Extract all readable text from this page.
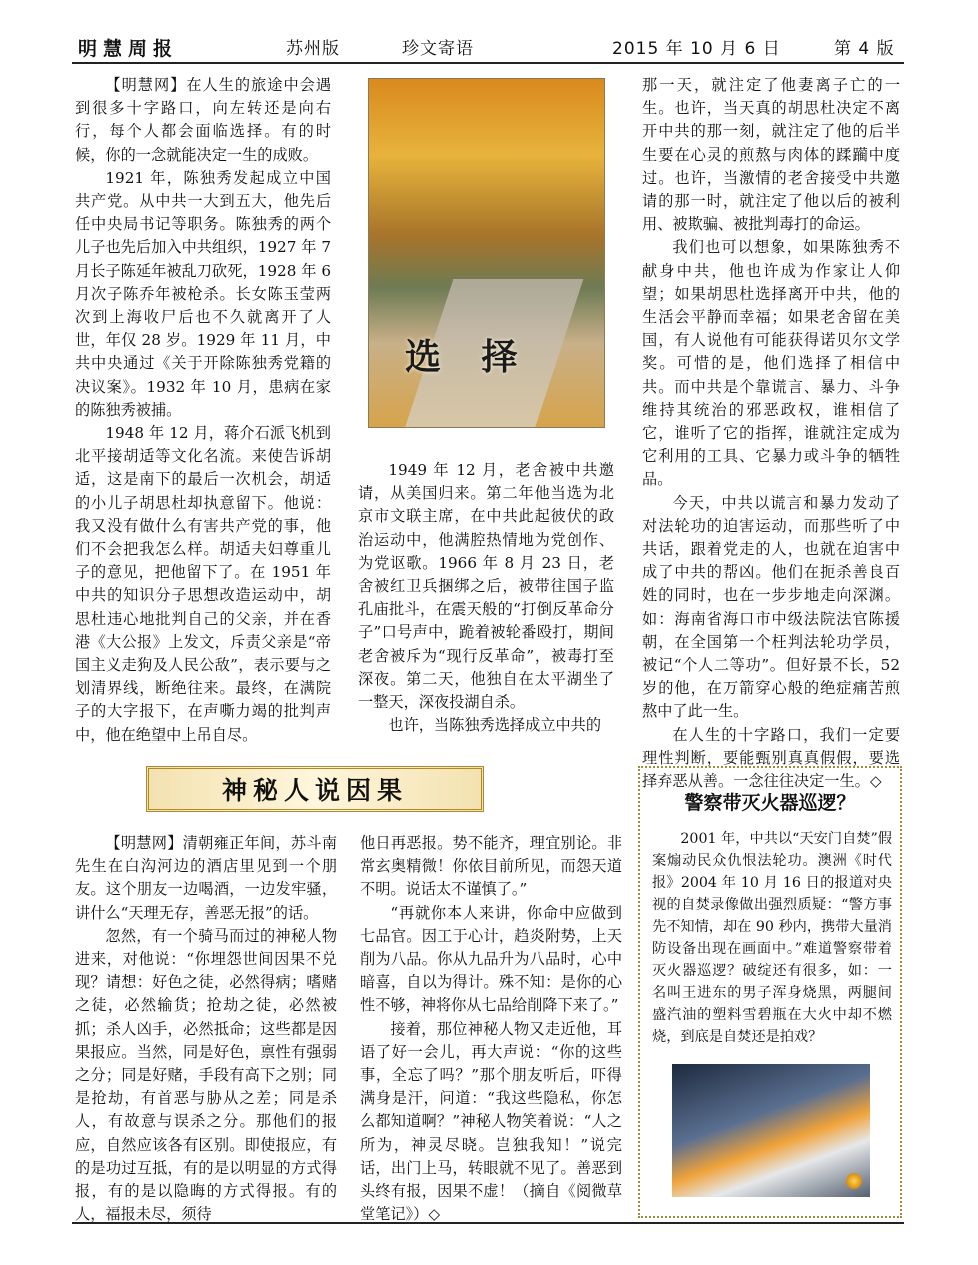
明慧周报	苏州版	珍文寄语	2015 年 10 月 6 日	第 4 版

【明慧网】在人生的旅途中会遇到很多十字路口，向左转还是向右行，每个人都会面临选择。有的时候，你的一念就能决定一生的成败。

1921 年，陈独秀发起成立中国共产党。从中共一大到五大，他先后任中央局书记等职务。陈独秀的两个儿子也先后加入中共组织，1927 年 7 月长子陈延年被乱刀砍死，1928 年 6 月次子陈乔年被枪杀。长女陈玉莹两次到上海收尸后也不久就离开了人世，年仅 28 岁。1929 年 11 月，中共中央通过《关于开除陈独秀党籍的决议案》。1932 年 10 月，患病在家的陈独秀被捕。

1948 年 12 月，蒋介石派飞机到北平接胡适等文化名流。来使告诉胡适，这是南下的最后一次机会，胡适的小儿子胡思杜却执意留下。他说：我又没有做什么有害共产党的事，他们不会把我怎么样。胡适夫妇尊重儿子的意见，把他留下了。在 1951 年中共的知识分子思想改造运动中，胡思杜违心地批判自己的父亲，并在香港《大公报》上发文，斥责父亲是“帝国主义走狗及人民公敌”，表示要与之划清界线，断绝往来。最终，在满院子的大字报下，在声嘶力竭的批判声中，他在绝望中上吊自尽。

选 择

1949 年 12 月，老舍被中共邀请，从美国归来。第二年他当选为北京市文联主席，在中共此起彼伏的政治运动中，他满腔热情地为党创作、为党讴歌。1966 年 8 月 23 日，老舍被红卫兵捆绑之后，被带往国子监孔庙批斗，在震天般的“打倒反革命分子”口号声中，跪着被轮番殴打，期间老舍被斥为“现行反革命”，被毒打至深夜。第二天，他独自在太平湖坐了一整天，深夜投湖自杀。

也许，当陈独秀选择成立中共的

那一天，就注定了他妻离子亡的一生。也许，当天真的胡思杜决定不离开中共的那一刻，就注定了他的后半生要在心灵的煎熬与肉体的蹂躏中度过。也许，当激情的老舍接受中共邀请的那一时，就注定了他以后的被利用、被欺骗、被批判毒打的命运。

我们也可以想象，如果陈独秀不献身中共，他也许成为作家让人仰望；如果胡思杜选择离开中共，他的生活会平静而幸福；如果老舍留在美国，有人说他有可能获得诺贝尔文学奖。可惜的是，他们选择了相信中共。而中共是个靠谎言、暴力、斗争维持其统治的邪恶政权，谁相信了它，谁听了它的指挥，谁就注定成为它利用的工具、它暴力或斗争的牺牲品。

今天，中共以谎言和暴力发动了对法轮功的迫害运动，而那些听了中共话，跟着党走的人，也就在迫害中成了中共的帮凶。他们在扼杀善良百姓的同时，也在一步步地走向深渊。如：海南省海口市中级法院法官陈援朝，在全国第一个枉判法轮功学员，被记“个人二等功”。但好景不长，52 岁的他，在万箭穿心般的绝症痛苦煎熬中了此一生。

在人生的十字路口，我们一定要理性判断，要能甄别真真假假，要选择弃恶从善。一念往往决定一生。◇

神秘人说因果

【明慧网】清朝雍正年间，苏斗南先生在白沟河边的酒店里见到一个朋友。这个朋友一边喝酒，一边发牢骚，讲什么“天理无存，善恶无报”的话。

忽然，有一个骑马而过的神秘人物进来，对他说：“你埋怨世间因果不兑现？请想：好色之徒，必然得病；嗜赌之徒，必然输货；抢劫之徒，必然被抓；杀人凶手，必然抵命；这些都是因果报应。当然，同是好色，禀性有强弱之分；同是好赌，手段有高下之别；同是抢劫，有首恶与胁从之差；同是杀人，有故意与误杀之分。那他们的报应，自然应该各有区别。即使报应，有的是功过互抵，有的是以明显的方式得报，有的是以隐晦的方式得报。有的人，福报未尽，须待

他日再恶报。势不能齐，理宜别论。非常玄奥精微！你依目前所见，而怨天道不明。说话太不谨慎了。”

“再就你本人来讲，你命中应做到七品官。因工于心计，趋炎附势，上天削为八品。你从九品升为八品时，心中暗喜，自以为得计。殊不知：是你的心性不够，神将你从七品给削降下来了。”

接着，那位神秘人物又走近他，耳语了好一会儿，再大声说：“你的这些事，全忘了吗？”那个朋友听后，吓得满身是汗，问道：“我这些隐私，你怎么都知道啊？”神秘人物笑着说：“人之所为，神灵尽晓。岂独我知！”说完话，出门上马，转眼就不见了。善恶到头终有报，因果不虚！（摘自《阅微草堂笔记》）◇

警察带灭火器巡逻？

2001 年，中共以“天安门自焚”假案煽动民众仇恨法轮功。澳洲《时代报》2004 年 10 月 16 日的报道对央视的自焚录像做出强烈质疑：“警方事先不知情，却在 90 秒内，携带大量消防设备出现在画面中。”难道警察带着灭火器巡逻？破绽还有很多，如：一名叫王进东的男子浑身烧黑，两腿间盛汽油的塑料雪碧瓶在大火中却不燃烧，到底是自焚还是拍戏？
